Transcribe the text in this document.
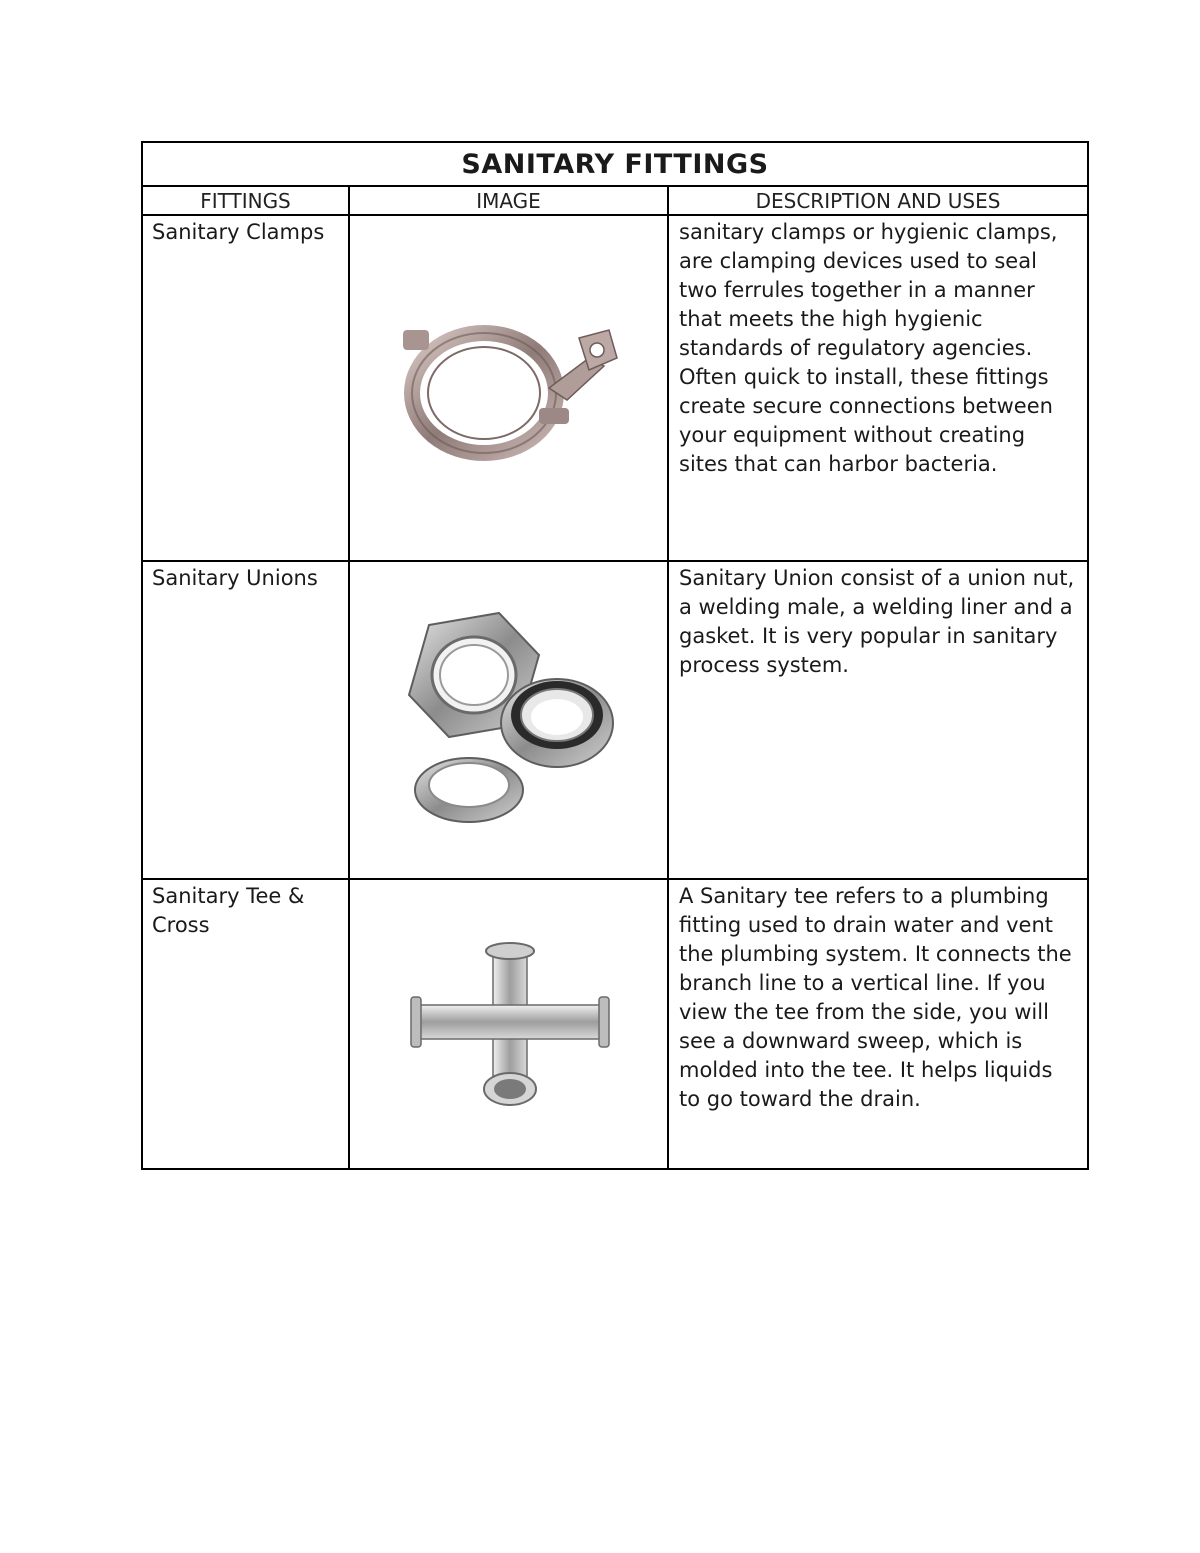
SANITARY FITTINGS		
FITTINGS	IMAGE	DESCRIPTION AND USES
Sanitary Clamps		sanitary clamps or hygienic clamps, are clamping devices used to seal two ferrules together in a manner that meets the high hygienic standards of regulatory agencies. Often quick to install, these fittings create secure connections between your equipment without creating sites that can harbor bacteria.
Sanitary Unions		Sanitary Union consist of a union nut, a welding male, a welding liner and a gasket. It is very popular in sanitary process system.
Sanitary Tee & Cross		A Sanitary tee refers to a plumbing fitting used to drain water and vent the plumbing system. It connects the branch line to a vertical line. If you view the tee from the side, you will see a downward sweep, which is molded into the tee. It helps liquids to go toward the drain.
